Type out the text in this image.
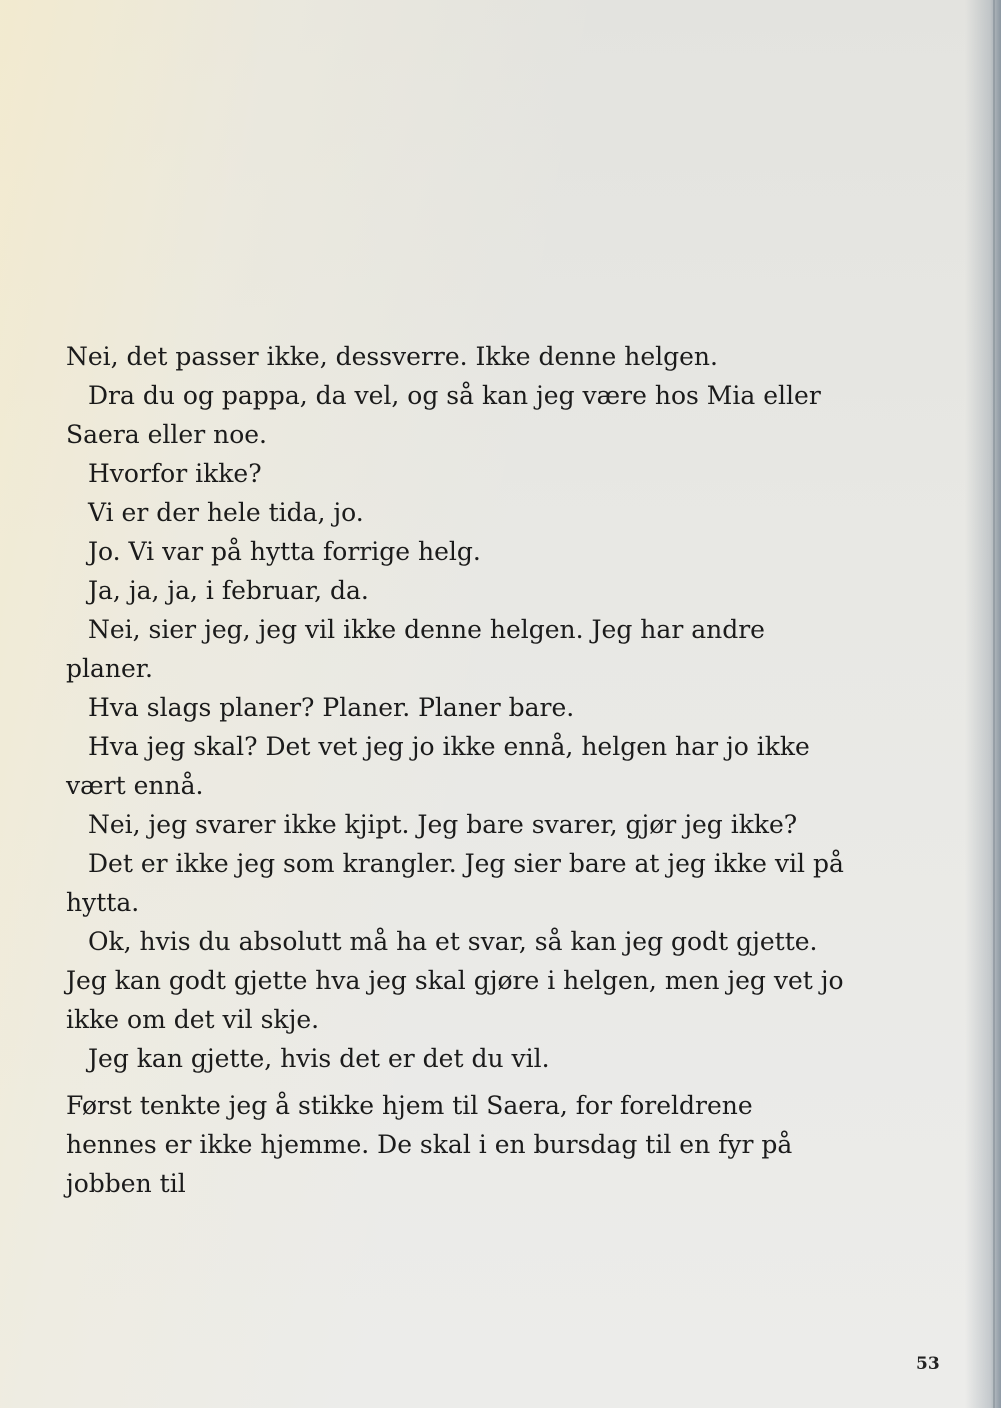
Nei, det passer ikke, dessverre. Ikke denne helgen.

Dra du og pappa, da vel, og så kan jeg være hos Mia eller Saera eller noe.

Hvorfor ikke?

Vi er der hele tida, jo.

Jo. Vi var på hytta forrige helg.

Ja, ja, ja, i februar, da.

Nei, sier jeg, jeg vil ikke denne helgen. Jeg har andre planer.

Hva slags planer? Planer. Planer bare.

Hva jeg skal? Det vet jeg jo ikke ennå, helgen har jo ikke vært ennå.

Nei, jeg svarer ikke kjipt. Jeg bare svarer, gjør jeg ikke?

Det er ikke jeg som krangler. Jeg sier bare at jeg ikke vil på hytta.

Ok, hvis du absolutt må ha et svar, så kan jeg godt gjette. Jeg kan godt gjette hva jeg skal gjøre i helgen, men jeg vet jo ikke om det vil skje.

Jeg kan gjette, hvis det er det du vil.

Først tenkte jeg å stikke hjem til Saera, for foreldrene hennes er ikke hjemme. De skal i en bursdag til en fyr på jobben til

53
